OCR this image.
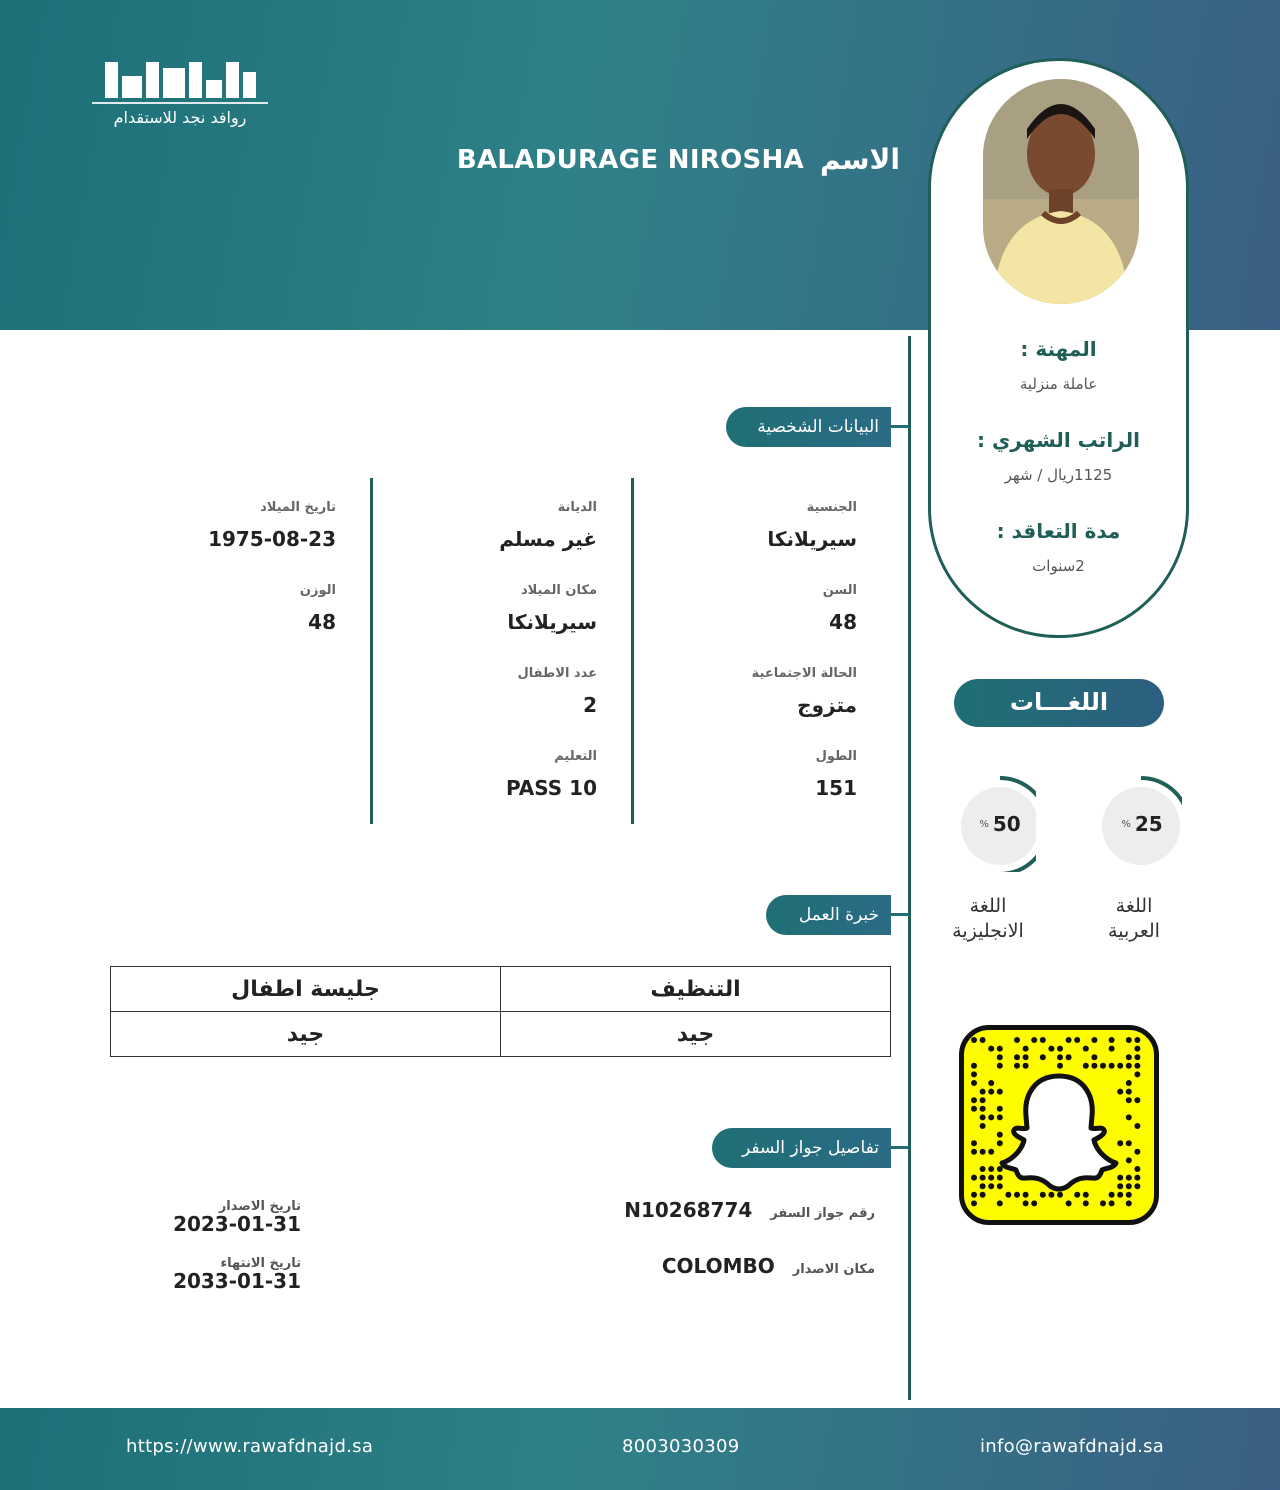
روافد نجد للاستقدام
الاسم
BALADURAGE NIROSHA
المهنة :
عاملة منزلية
الراتب الشهري :
1125ريال / شهر
مدة التعاقد :
2سنوات
البيانات الشخصية
الجنسية
سيريلانكا
الديانة
غير مسلم
تاريخ الميلاد
1975-08-23
السن
48
مكان الميلاد
سيريلانكا
الوزن
48
الحالة الاجتماعية
متزوج
عدد الاطفال
2
الطول
151
التعليم
10 PASS
اللغـــات
% 25
اللغة
العربية
% 50
اللغة
الانجليزية
خبرة العمل
التنظيف	جليسة اطفال
جيد	جيد
تفاصيل جواز السفر
رقم جواز السفر
N10268774
مكان الاصدار
COLOMBO
تاريخ الاصدار
2023-01-31
تاريخ الانتهاء
2033-01-31
https://www.rawafdnajd.sa	8003030309	info@rawafdnajd.sa
